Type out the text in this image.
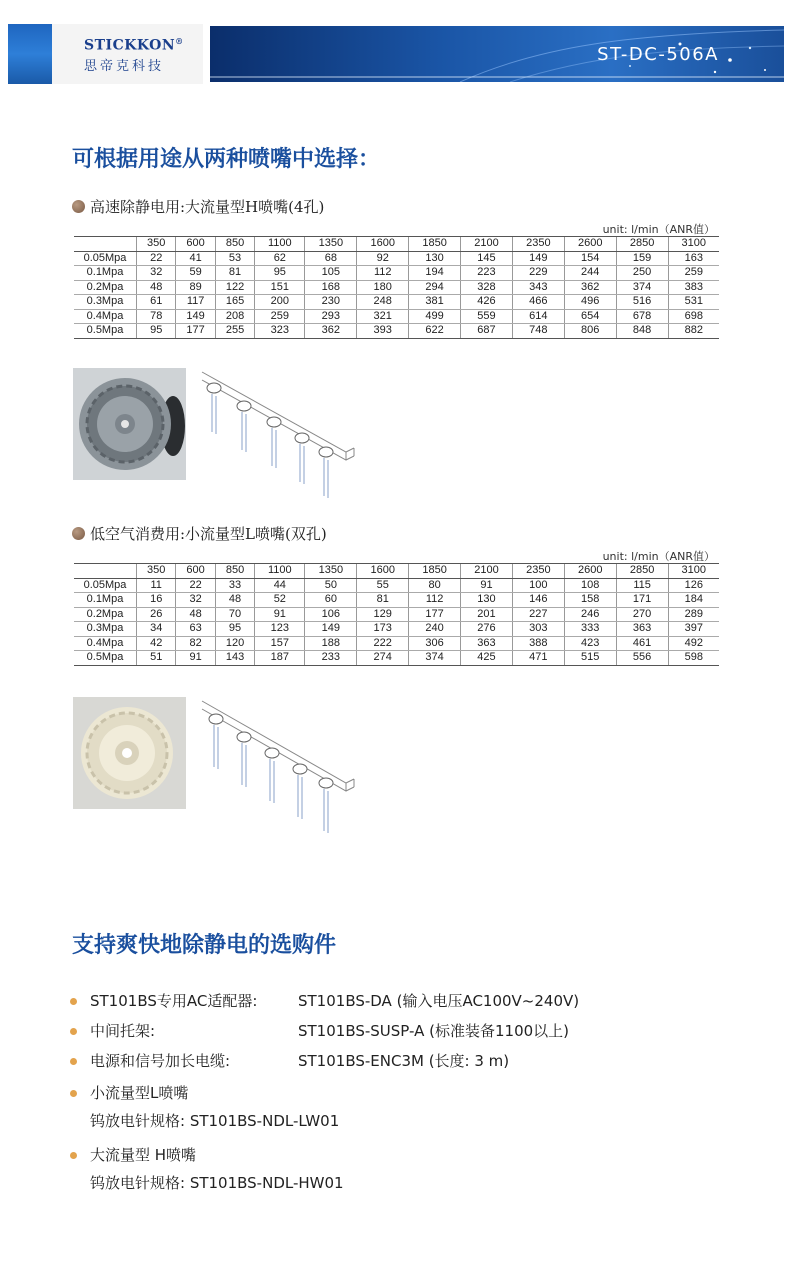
STICKKON®
思帝克科技
ST-DC-506A
可根据用途从两种喷嘴中选择：
高速除静电用:大流量型H喷嘴(4孔)
unit: l/min（ANR值）
	350	600	850	1100	1350	1600	1850	2100	2350	2600	2850	3100
0.05Mpa	22	41	53	62	68	92	130	145	149	154	159	163
0.1Mpa	32	59	81	95	105	112	194	223	229	244	250	259
0.2Mpa	48	89	122	151	168	180	294	328	343	362	374	383
0.3Mpa	61	117	165	200	230	248	381	426	466	496	516	531
0.4Mpa	78	149	208	259	293	321	499	559	614	654	678	698
0.5Mpa	95	177	255	323	362	393	622	687	748	806	848	882
低空气消费用:小流量型L喷嘴(双孔)
unit: l/min（ANR值）
	350	600	850	1100	1350	1600	1850	2100	2350	2600	2850	3100
0.05Mpa	11	22	33	44	50	55	80	91	100	108	115	126
0.1Mpa	16	32	48	52	60	81	112	130	146	158	171	184
0.2Mpa	26	48	70	91	106	129	177	201	227	246	270	289
0.3Mpa	34	63	95	123	149	173	240	276	303	333	363	397
0.4Mpa	42	82	120	157	188	222	306	363	388	423	461	492
0.5Mpa	51	91	143	187	233	274	374	425	471	515	556	598
支持爽快地除静电的选购件
ST101BS专用AC适配器:	ST101BS-DA (输入电压AC100V~240V)
中间托架:	ST101BS-SUSP-A (标准装备1100以上)
电源和信号加长电缆:	ST101BS-ENC3M (长度: 3 m)
小流量型L喷嘴
钨放电针规格: ST101BS-NDL-LW01
大流量型 H喷嘴
钨放电针规格: ST101BS-NDL-HW01
